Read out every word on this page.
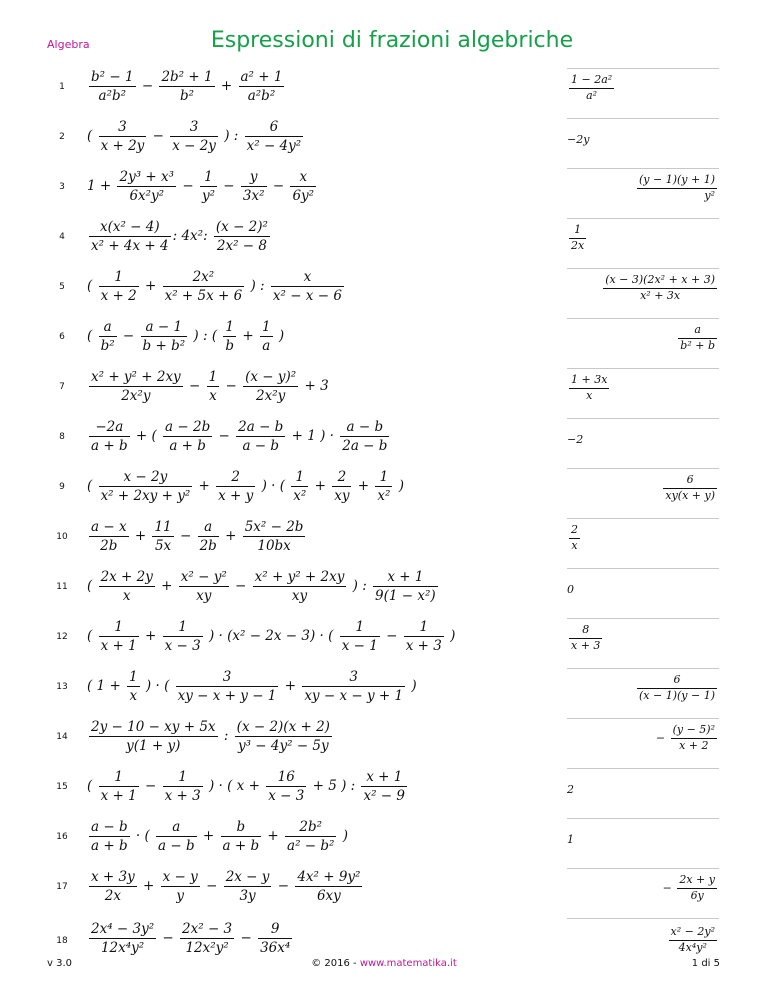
Algebra	Espressioni di frazioni algebriche
1	$\frac{\text{b² − 1}}{\text{a²b²}} - \frac{\text{2b² + 1}}{\text{b²}} + \frac{\text{a² + 1}}{\text{a²b²}}$	$\frac{\text{1 − 2a²}}{\text{a²}}$
2	( $\frac{3}{x + 2y} - \frac{3}{x - 2y}$ ) : $\frac{6}{\text{x² − 4y²}}$	−2y
3	$1 + \frac{\text{2y³ + x³}}{\text{6x²y²}} - \frac{1}{\text{y²}} - \frac{y}{\text{3x²}} - \frac{x}{\text{6y²}}$	$\frac{(y - 1)(y + 1)}{\text{y²}}$
4	$\frac{\text{x(x² − 4)}}{\text{x² + 4x + 4}}$ : 4x²: $\frac{\text{(x − 2)²}}{\text{2x² − 8}}$	$\frac{1}{2x}$
5	( $\frac{1}{x + 2} + \frac{\text{2x²}}{\text{x² + 5x + 6}}$ ) : $\frac{x}{\text{x² − x − 6}}$	$\frac{\text{(x − 3)(2x² + x + 3)}}{\text{x² + 3x}}$
6	( $\frac{a}{\text{b²}} - \frac{a - 1}{\text{b + b²}}$ ) : ( $\frac{1}{b} + \frac{1}{a}$ )	$\frac{a}{\text{b² + b}}$
7	$\frac{\text{x² + y² + 2xy}}{\text{2x²y}} - \frac{1}{x} - \frac{\text{(x − y)²}}{\text{2x²y}} + 3$	$\frac{1 + 3x}{x}$
8	$\frac{-2a}{a + b}$ + ( $\frac{a - 2b}{a + b} - \frac{2a - b}{a - b} + 1$ ) · $\frac{a - b}{2a - b}$	−2
9	( $\frac{x - 2y}{\text{x² + 2xy + y²}} + \frac{2}{x + y}$ ) · ( $\frac{1}{\text{x²}} + \frac{2}{xy} + \frac{1}{\text{x²}}$ )	$\frac{6}{xy(x + y)}$
10	$\frac{a - x}{2b} + \frac{11}{5x} - \frac{a}{2b} + \frac{\text{5x² − 2b}}{10bx}$	$\frac{2}{x}$
11	( $\frac{2x + 2y}{x} + \frac{\text{x² − y²}}{xy} - \frac{\text{x² + y² + 2xy}}{xy}$ ) : $\frac{x + 1}{\text{9(1 − x²)}}$	0
12	( $\frac{1}{x + 1} + \frac{1}{x - 3}$ ) · (x² − 2x − 3) · ( $\frac{1}{x - 1} - \frac{1}{x + 3}$ )	$\frac{8}{x + 3}$
13	( $1 + \frac{1}{x}$ ) · ( $\frac{3}{xy - x + y - 1} + \frac{3}{xy - x - y + 1}$ )	$\frac{6}{(x - 1)(y - 1)}$
14	$\frac{2y - 10 - xy + 5x}{y(1 + y)}$ : $\frac{(x - 2)(x + 2)}{\text{y³ − 4y² − 5y}}$	− $\frac{\text{(y − 5)²}}{x + 2}$
15	( $\frac{1}{x + 1} - \frac{1}{x + 3}$ ) · ( $x + \frac{16}{x - 3} + 5$ ) : $\frac{x + 1}{\text{x² − 9}}$	2
16	$\frac{a - b}{a + b}$ · ( $\frac{a}{a - b} + \frac{b}{a + b} + \frac{\text{2b²}}{\text{a² − b²}}$ )	1
17	$\frac{x + 3y}{2x} + \frac{x - y}{y} - \frac{2x - y}{3y} - \frac{\text{4x² + 9y²}}{6xy}$	− $\frac{2x + y}{6y}$
18	$\frac{\text{2x⁴ − 3y²}}{\text{12x⁴y²}} - \frac{\text{2x² − 3}}{\text{12x²y²}} - \frac{9}{\text{36x⁴}}$	$\frac{\text{x² − 2y²}}{\text{4x⁴y²}}$
v 3.0	© 2016 - www.matematika.it	1 di 5
